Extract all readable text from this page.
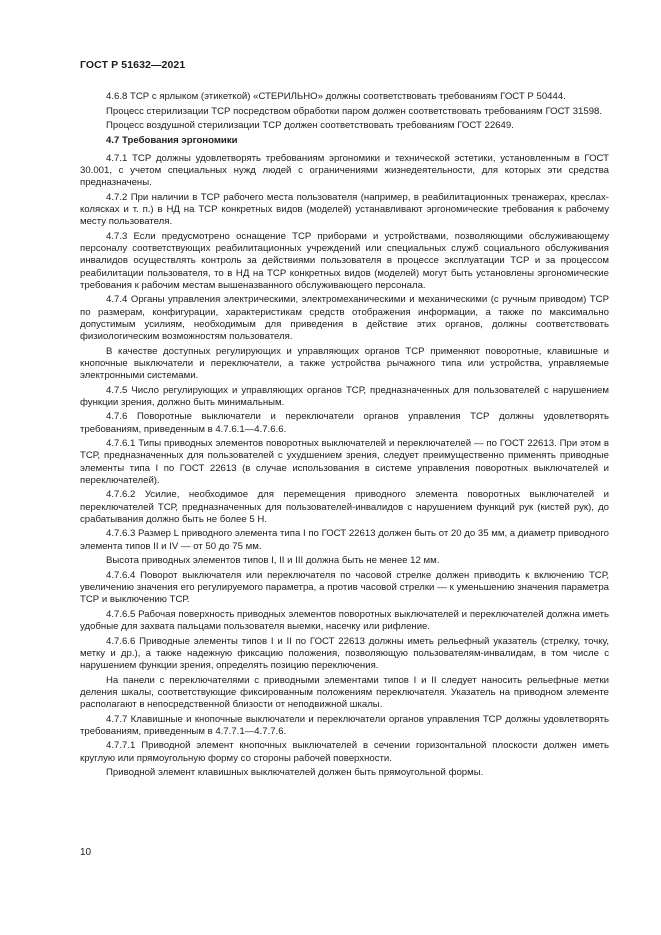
ГОСТ Р 51632—2021

4.6.8 ТСР с ярлыком (этикеткой) «СТЕРИЛЬНО» должны соответствовать требованиям ГОСТ Р 50444.

Процесс стерилизации ТСР посредством обработки паром должен соответствовать требованиям ГОСТ 31598.

Процесс воздушной стерилизации ТСР должен соответствовать требованиям ГОСТ 22649.

4.7 Требования эргономики

4.7.1 ТСР должны удовлетворять требованиям эргономики и технической эстетики, установленным в ГОСТ 30.001, с учетом специальных нужд людей с ограничениями жизнедеятельности, для которых эти средства предназначены.

4.7.2 При наличии в ТСР рабочего места пользователя (например, в реабилитационных тренажерах, креслах-колясках и т. п.) в НД на ТСР конкретных видов (моделей) устанавливают эргономические требования к рабочему месту пользователя.

4.7.3 Если предусмотрено оснащение ТСР приборами и устройствами, позволяющими обслуживающему персоналу соответствующих реабилитационных учреждений или специальных служб социального обслуживания инвалидов осуществлять контроль за действиями пользователя в процессе эксплуатации ТСР и за процессом реабилитации пользователя, то в НД на ТСР конкретных видов (моделей) могут быть установлены эргономические требования к рабочим местам вышеназванного обслуживающего персонала.

4.7.4 Органы управления электрическими, электромеханическими и механическими (с ручным приводом) ТСР по размерам, конфигурации, характеристикам средств отображения информации, а также по максимально допустимым усилиям, необходимым для приведения в действие этих органов, должны соответствовать физиологическим возможностям пользователя.

В качестве доступных регулирующих и управляющих органов ТСР применяют поворотные, клавишные и кнопочные выключатели и переключатели, а также устройства рычажного типа или устройства, управляемые электронными системами.

4.7.5 Число регулирующих и управляющих органов ТСР, предназначенных для пользователей с нарушением функции зрения, должно быть минимальным.

4.7.6 Поворотные выключатели и переключатели органов управления ТСР должны удовлетворять требованиям, приведенным в 4.7.6.1—4.7.6.6.

4.7.6.1 Типы приводных элементов поворотных выключателей и переключателей — по ГОСТ 22613. При этом в ТСР, предназначенных для пользователей с ухудшением зрения, следует преимущественно применять приводные элементы типа I по ГОСТ 22613 (в случае использования в системе управления поворотных выключателей и переключателей).

4.7.6.2 Усилие, необходимое для перемещения приводного элемента поворотных выключателей и переключателей ТСР, предназначенных для пользователей-инвалидов с нарушением функций рук (кистей рук), до срабатывания должно быть не более 5 Н.

4.7.6.3 Размер L приводного элемента типа I по ГОСТ 22613 должен быть от 20 до 35 мм, а диаметр приводного элемента типов II и IV — от 50 до 75 мм.

Высота приводных элементов типов I, II и III должна быть не менее 12 мм.

4.7.6.4 Поворот выключателя или переключателя по часовой стрелке должен приводить к включению ТСР, увеличению значения его регулируемого параметра, а против часовой стрелки — к уменьшению значения параметра ТСР и выключению ТСР.

4.7.6.5 Рабочая поверхность приводных элементов поворотных выключателей и переключателей должна иметь удобные для захвата пальцами пользователя выемки, насечку или рифление.

4.7.6.6 Приводные элементы типов I и II по ГОСТ 22613 должны иметь рельефный указатель (стрелку, точку, метку и др.), а также надежную фиксацию положения, позволяющую пользователям-инвалидам, в том числе с нарушением функции зрения, определять позицию переключения.

На панели с переключателями с приводными элементами типов I и II следует наносить рельефные метки деления шкалы, соответствующие фиксированным положениям переключателя. Указатель на приводном элементе располагают в непосредственной близости от неподвижной шкалы.

4.7.7 Клавишные и кнопочные выключатели и переключатели органов управления ТСР должны удовлетворять требованиям, приведенным в 4.7.7.1—4.7.7.6.

4.7.7.1 Приводной элемент кнопочных выключателей в сечении горизонтальной плоскости должен иметь круглую или прямоугольную форму со стороны рабочей поверхности.

Приводной элемент клавишных выключателей должен быть прямоугольной формы.

10
